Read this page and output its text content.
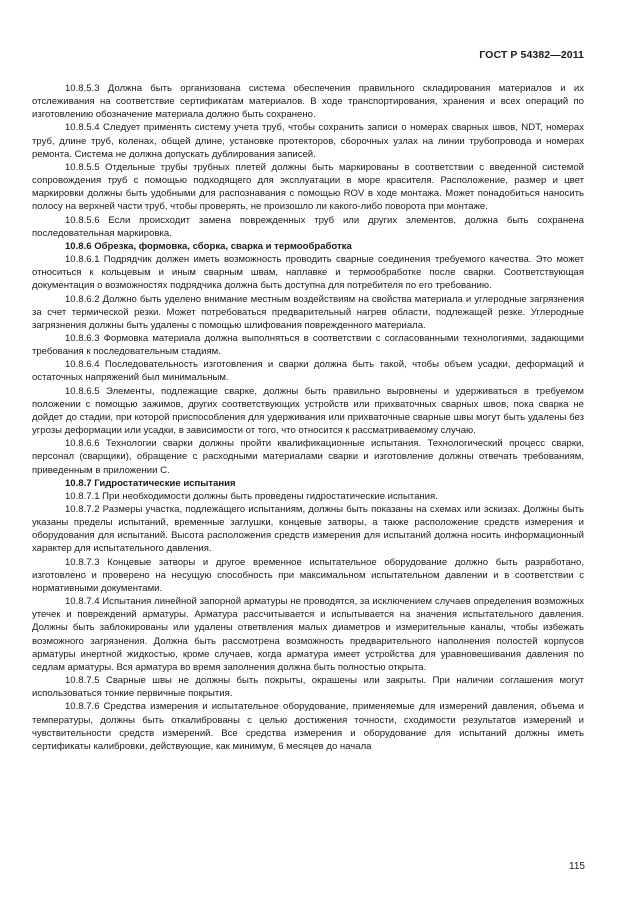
ГОСТ Р 54382—2011

10.8.5.3 Должна быть организована система обеспечения правильного складирования материалов и их отслеживания на соответствие сертификатам материалов. В ходе транспортирования, хранения и всех операций по изготовлению обозначение материала должно быть сохранено.

10.8.5.4 Следует применять систему учета труб, чтобы сохранить записи о номерах сварных швов, NDT, номерах труб, длине труб, коленах, общей длине, установке протекторов, сборочных узлах на линии трубопровода и номерах ремонта. Система не должна допускать дублирования записей.

10.8.5.5 Отдельные трубы трубных плетей должны быть маркированы в соответствии с введенной системой сопровождения труб с помощью подходящего для эксплуатации в море красителя. Расположение, размер и цвет маркировки должны быть удобными для распознавания с помощью ROV в ходе монтажа. Может понадобиться наносить полосу на верхней части труб, чтобы проверять, не произошло ли какого-либо поворота при монтаже.

10.8.5.6 Если происходит замена поврежденных труб или других элементов, должна быть сохранена последовательная маркировка.

10.8.6 Обрезка, формовка, сборка, сварка и термообработка

10.8.6.1 Подрядчик должен иметь возможность проводить сварные соединения требуемого качества. Это может относиться к кольцевым и иным сварным швам, наплавке и термообработке после сварки. Соответствующая документация о возможностях подрядчика должна быть доступна для потребителя по его требованию.

10.8.6.2 Должно быть уделено внимание местным воздействиям на свойства материала и углеродные загрязнения за счет термической резки. Может потребоваться предварительный нагрев области, подлежащей резке. Углеродные загрязнения должны быть удалены с помощью шлифования поврежденного материала.

10.8.6.3 Формовка материала должна выполняться в соответствии с согласованными технологиями, задающими требования к последовательным стадиям.

10.8.6.4 Последовательность изготовления и сварки должна быть такой, чтобы объем усадки, деформаций и остаточных напряжений был минимальным.

10.8.6.5 Элементы, подлежащие сварке, должны быть правильно выровнены и удерживаться в требуемом положении с помощью зажимов, других соответствующих устройств или прихваточных сварных швов, пока сварка не дойдет до стадии, при которой приспособления для удерживания или прихваточные сварные швы могут быть удалены без угрозы деформации или усадки, в зависимости от того, что относится к рассматриваемому случаю.

10.8.6.6 Технологии сварки должны пройти квалификационные испытания. Технологический процесс сварки, персонал (сварщики), обращение с расходными материалами сварки и изготовление должны отвечать требованиям, приведенным в приложении С.

10.8.7 Гидростатические испытания

10.8.7.1 При необходимости должны быть проведены гидростатические испытания.

10.8.7.2 Размеры участка, подлежащего испытаниям, должны быть показаны на схемах или эскизах. Должны быть указаны пределы испытаний, временные заглушки, концевые затворы, а также расположение средств измерения и оборудования для испытаний. Высота расположения средств измерения для испытаний должна носить информационный характер для испытательного давления.

10.8.7.3 Концевые затворы и другое временное испытательное оборудование должно быть разработано, изготовлено и проверено на несущую способность при максимальном испытательном давлении и в соответствии с нормативными документами.

10.8.7.4 Испытания линейной запорной арматуры не проводятся, за исключением случаев определения возможных утечек и повреждений арматуры. Арматура рассчитывается и испытывается на значения испытательного давления. Должны быть заблокированы или удалены ответвления малых диаметров и измерительные каналы, чтобы избежать возможного загрязнения. Должна быть рассмотрена возможность предварительного наполнения полостей корпусов арматуры инертной жидкостью, кроме случаев, когда арматура имеет устройства для уравновешивания давления по седлам арматуры. Вся арматура во время заполнения должна быть полностью открыта.

10.8.7.5 Сварные швы не должны быть покрыты, окрашены или закрыты. При наличии соглашения могут использоваться тонкие первичные покрытия.

10.8.7.6 Средства измерения и испытательное оборудование, применяемые для измерений давления, объема и температуры, должны быть откалиброваны с целью достижения точности, сходимости результатов измерений и чувствительности средств измерений. Все средства измерения и оборудование для испытаний должны иметь сертификаты калибровки, действующие, как минимум, 6 месяцев до начала

115
